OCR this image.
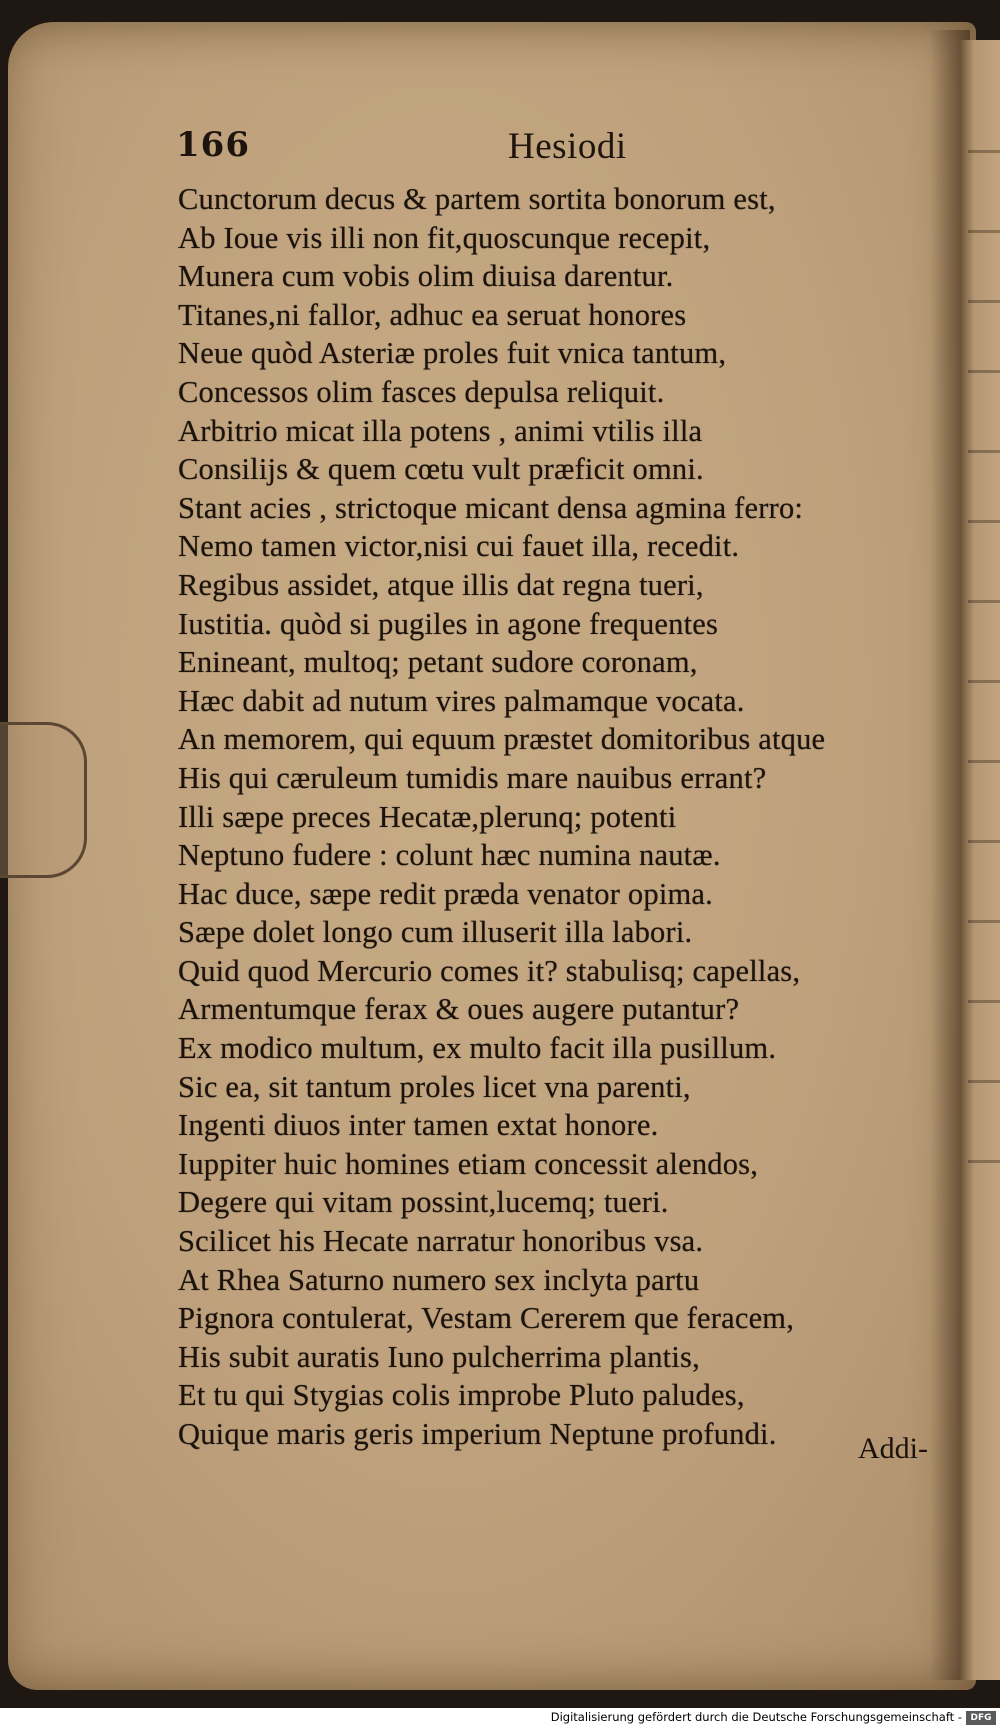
166	Hesiodi
Cunctorum decus & partem sortita bonorum est,
Ab Ioue vis illi non fit,quoscunque recepit,
Munera cum vobis olim diuisa darentur.
Titanes,ni fallor, adhuc ea seruat honores
Neue quòd Asteriæ proles fuit vnica tantum,
Concessos olim fasces depulsa reliquit.
Arbitrio micat illa potens , animi vtilis illa
Consilijs & quem cœtu vult præficit omni.
Stant acies , strictoque micant densa agmina ferro:
Nemo tamen victor,nisi cui fauet illa, recedit.
Regibus assidet, atque illis dat regna tueri,
Iustitia. quòd si pugiles in agone frequentes
Enineant, multoq; petant sudore coronam,
Hæc dabit ad nutum vires palmamque vocata.
An memorem, qui equum præstet domitoribus atque
His qui cæruleum tumidis mare nauibus errant?
Illi sæpe preces Hecatæ,plerunq; potenti
Neptuno fudere : colunt hæc numina nautæ.
Hac duce, sæpe redit præda venator opima.
Sæpe dolet longo cum illuserit illa labori.
Quid quod Mercurio comes it? stabulisq; capellas,
Armentumque ferax & oues augere putantur?
Ex modico multum, ex multo facit illa pusillum.
Sic ea, sit tantum proles licet vna parenti,
Ingenti diuos inter tamen extat honore.
Iuppiter huic homines etiam concessit alendos,
Degere qui vitam possint,lucemq; tueri.
Scilicet his Hecate narratur honoribus vsa.
At Rhea Saturno numero sex inclyta partu
Pignora contulerat, Vestam Cererem que feracem,
His subit auratis Iuno pulcherrima plantis,
Et tu qui Stygias colis improbe Pluto paludes,
Quique maris geris imperium Neptune profundi.	Addi-
Digitalisierung gefördert durch die Deutsche Forschungsgemeinschaft - DFG
